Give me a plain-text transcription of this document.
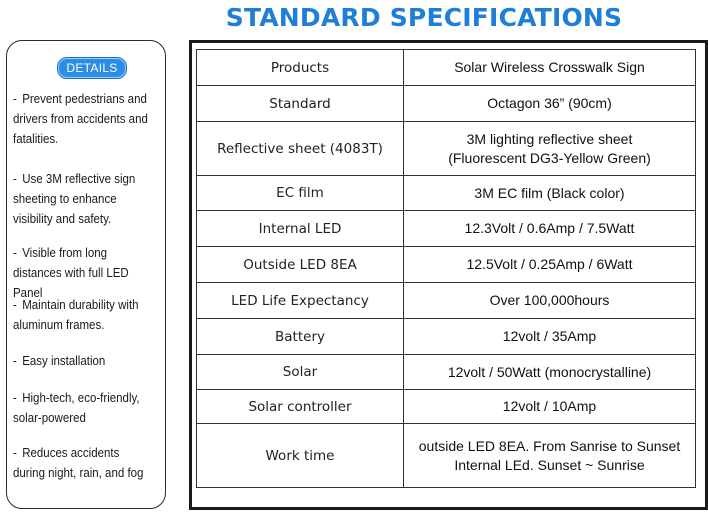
STANDARD SPECIFICATIONS
DETAILS
- Prevent pedestrians and drivers from accidents and fatalities.
- Use 3M reflective sign sheeting to enhance visibility and safety.
- Visible from long distances with full LED Panel
- Maintain durability with aluminum frames.
- Easy installation
- High-tech, eco-friendly, solar-powered
- Reduces accidents during night, rain, and fog
Products	Solar Wireless Crosswalk Sign

Standard	Octagon 36” (90cm)

Reflective sheet (4083T)	3M lighting reflective sheet
(Fluorescent DG3-Yellow Green)

EC film	3M EC film (Black color)

Internal LED	12.3Volt / 0.6Amp / 7.5Watt

Outside LED 8EA	12.5Volt / 0.25Amp / 6Watt

LED Life Expectancy	Over 100,000hours

Battery	12volt / 35Amp

Solar	12volt / 50Watt (monocrystalline)

Solar controller	12volt / 10Amp

Work time	outside LED 8EA. From Sanrise to Sunset
Internal LEd. Sunset ~ Sunrise
